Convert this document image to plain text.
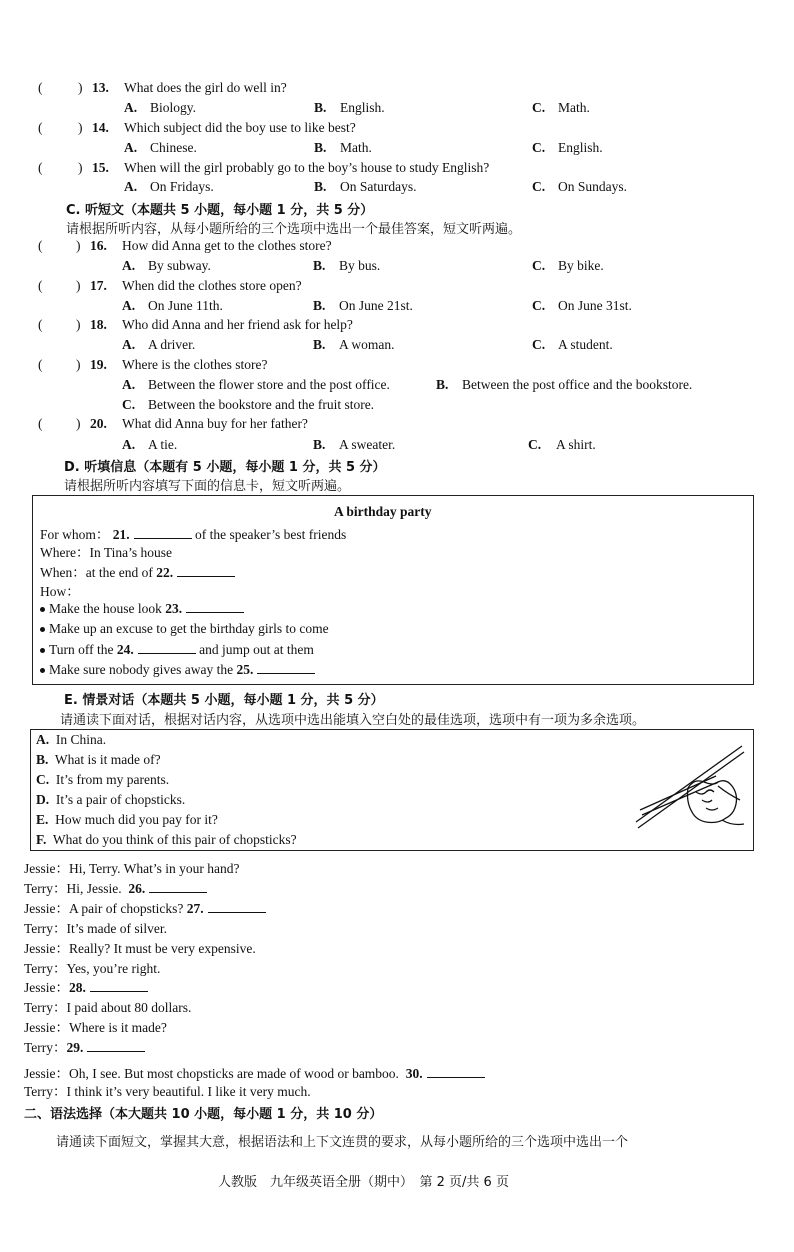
(	) 13. What does the girl do well in?
A. Biology.	B. English.	C. Math.
(	) 14. Which subject did the boy use to like best?
A. Chinese.	B. Math.	C. English.
(	) 15. When will the girl probably go to the boy’s house to study English?
A. On Fridays.	B. On Saturdays.	C. On Sundays.
C. 听短文（本题共 5 小题，每小题 1 分，共 5 分）
请根据所听内容，从每小题所给的三个选项中选出一个最佳答案，短文听两遍。
( ) 16. How did Anna get to the clothes store?
A. By subway.	B. By bus.	C. By bike.
( ) 17. When did the clothes store open?
A. On June 11th.	B. On June 21st.	C. On June 31st.
( ) 18. Who did Anna and her friend ask for help?
A. A driver.	B. A woman.	C. A student.
( ) 19. Where is the clothes store?
A. Between the flower store and the post office.	B. Between the post office and the bookstore.
C. Between the bookstore and the fruit store.
( ) 20. What did Anna buy for her father?
A. A tie.	B. A sweater.	C. A shirt.
D. 听填信息（本题有 5 小题，每小题 1 分，共 5 分）
请根据所听内容填写下面的信息卡，短文听两遍。
A birthday party
For whom： 21.	of the speaker’s best friends
Where：In Tina’s house
When：at the end of 22.
How：
Make the house look 23.
Make up an excuse to get the birthday girls to come
Turn off the 24.	and jump out at them
Make sure nobody gives away the 25.
E. 情景对话（本题共 5 小题，每小题 1 分，共 5 分）
请通读下面对话，根据对话内容，从选项中选出能填入空白处的最佳选项，选项中有一项为多余选项。
A. In China.
B. What is it made of?
C. It’s from my parents.
D. It’s a pair of chopsticks.
E. How much did you pay for it?
F. What do you think of this pair of chopsticks?
Jessie：Hi, Terry. What’s in your hand?
Terry：Hi, Jessie. 26.
Jessie：A pair of chopsticks? 27.
Terry：It’s made of silver.
Jessie：Really? It must be very expensive.
Terry：Yes, you’re right.
Jessie：28.
Terry：I paid about 80 dollars.
Jessie：Where is it made?
Terry：29.
Jessie：Oh, I see. But most chopsticks are made of wood or bamboo. 30.
Terry：I think it’s very beautiful. I like it very much.
二、语法选择（本大题共 10 小题，每小题 1 分，共 10 分）
请通读下面短文，掌握其大意，根据语法和上下文连贯的要求，从每小题所给的三个选项中选出一个
人教版　九年级英语全册（期中）　第 2 页/共 6 页
